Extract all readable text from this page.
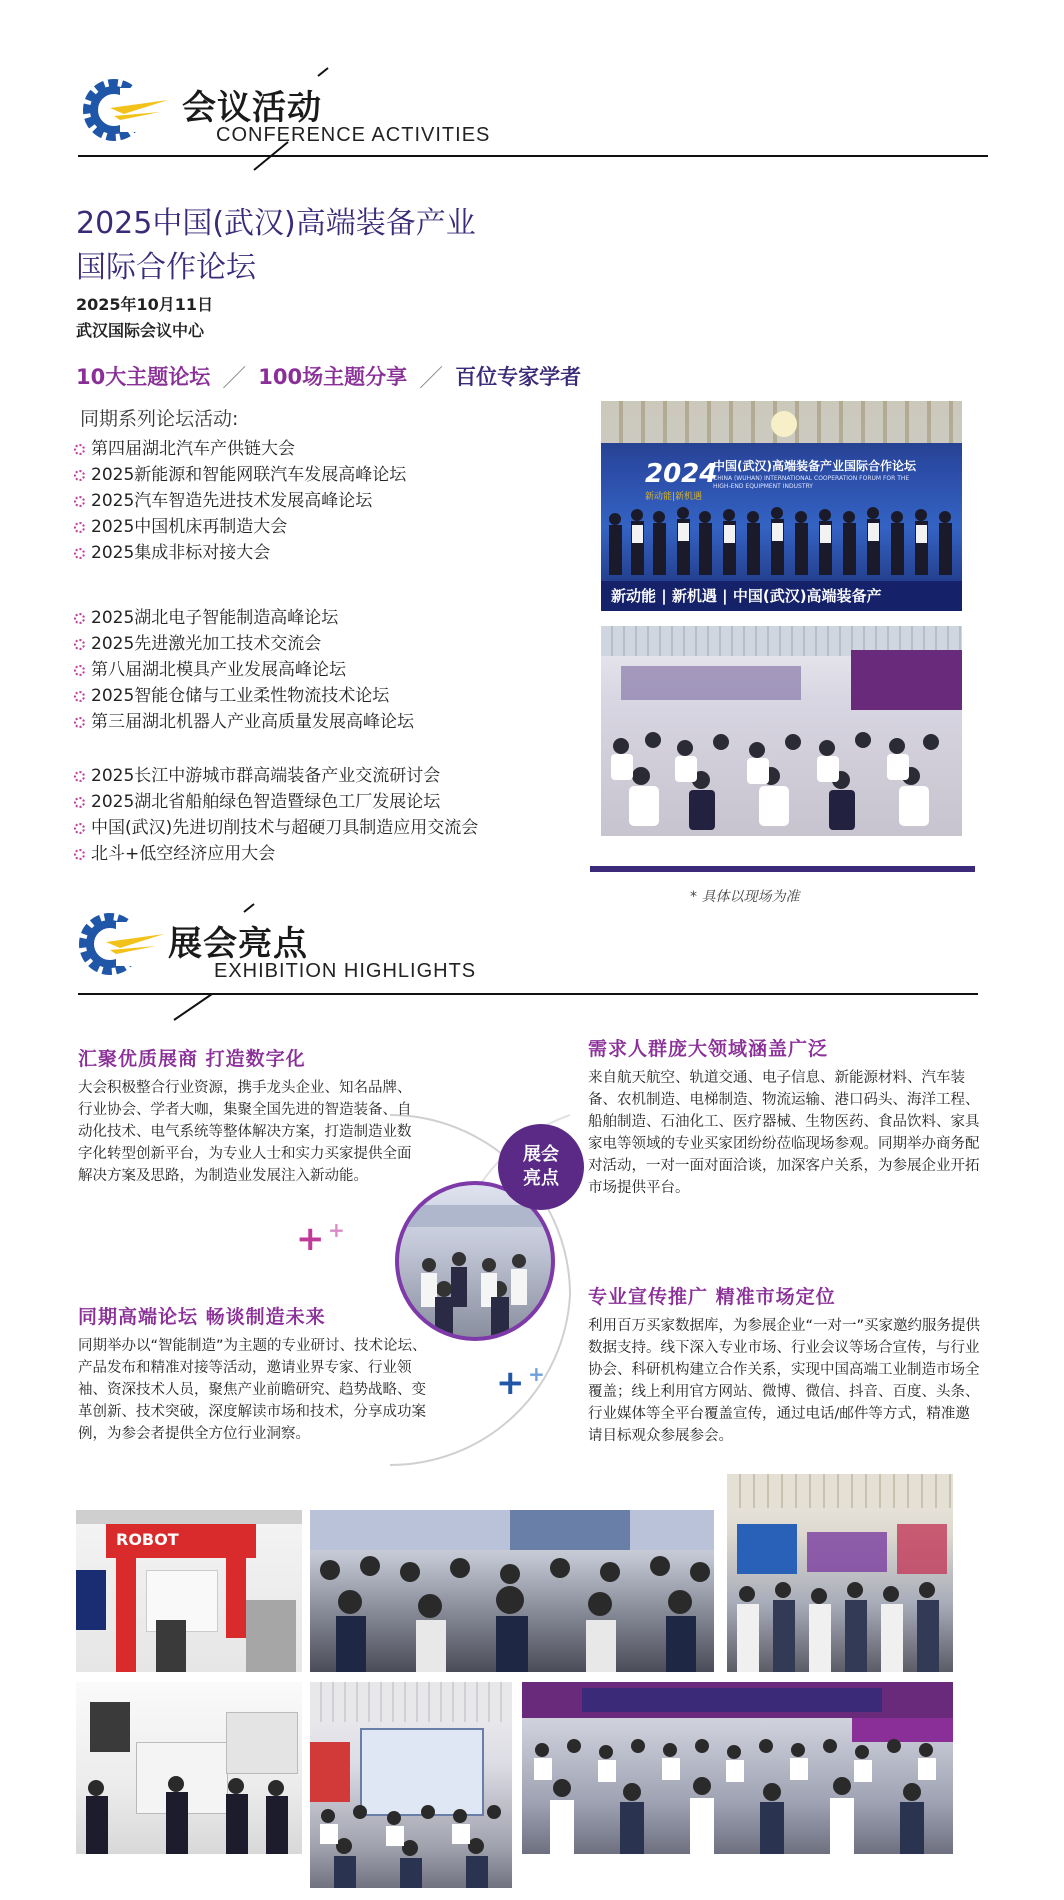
会议活动
CONFERENCE ACTIVITIES
2025中国(武汉)高端装备产业
国际合作论坛
2025年10月11日
武汉国际会议中心
10大主题论坛 ／ 100场主题分享 ／ 百位专家学者
同期系列论坛活动:
第四届湖北汽车产供链大会
2025新能源和智能网联汽车发展高峰论坛
2025汽车智造先进技术发展高峰论坛
2025中国机床再制造大会
2025集成非标对接大会
2025湖北电子智能制造高峰论坛
2025先进激光加工技术交流会
第八届湖北模具产业发展高峰论坛
2025智能仓储与工业柔性物流技术论坛
第三届湖北机器人产业高质量发展高峰论坛
2025长江中游城市群高端装备产业交流研讨会
2025湖北省船舶绿色智造暨绿色工厂发展论坛
中国(武汉)先进切削技术与超硬刀具制造应用交流会
北斗+低空经济应用大会
2024
新动能|新机遇
中国(武汉)高端装备产业国际合作论坛
CHINA (WUHAN) INTERNATIONAL COOPERATION FORUM FOR THE HIGH-END EQUIPMENT INDUSTRY
新动能 | 新机遇 | 中国(武汉)高端装备产
* 具体以现场为准
展会亮点
EXHIBITION HIGHLIGHTS
展会
亮点
+ +
+ +
汇聚优质展商 打造数字化
大会积极整合行业资源，携手龙头企业、知名品牌、行业协会、学者大咖，集聚全国先进的智造装备、自动化技术、电气系统等整体解决方案，打造制造业数字化转型创新平台，为专业人士和实力买家提供全面解决方案及思路，为制造业发展注入新动能。
需求人群庞大领域涵盖广泛
来自航天航空、轨道交通、电子信息、新能源材料、汽车装备、农机制造、电梯制造、物流运输、港口码头、海洋工程、船舶制造、石油化工、医疗器械、生物医药、食品饮料、家具家电等领域的专业买家团纷纷莅临现场参观。同期举办商务配对活动，一对一面对面洽谈，加深客户关系，为参展企业开拓市场提供平台。
同期高端论坛 畅谈制造未来
同期举办以“智能制造”为主题的专业研讨、技术论坛、产品发布和精准对接等活动，邀请业界专家、行业领袖、资深技术人员，聚焦产业前瞻研究、趋势战略、变革创新、技术突破，深度解读市场和技术，分享成功案例，为参会者提供全方位行业洞察。
专业宣传推广 精准市场定位
利用百万买家数据库，为参展企业“一对一”买家邀约服务提供数据支持。线下深入专业市场、行业会议等场合宣传，与行业协会、科研机构建立合作关系，实现中国高端工业制造市场全覆盖；线上利用官方网站、微博、微信、抖音、百度、头条、行业媒体等全平台覆盖宣传，通过电话/邮件等方式，精准邀请目标观众参展参会。
ROBOT
